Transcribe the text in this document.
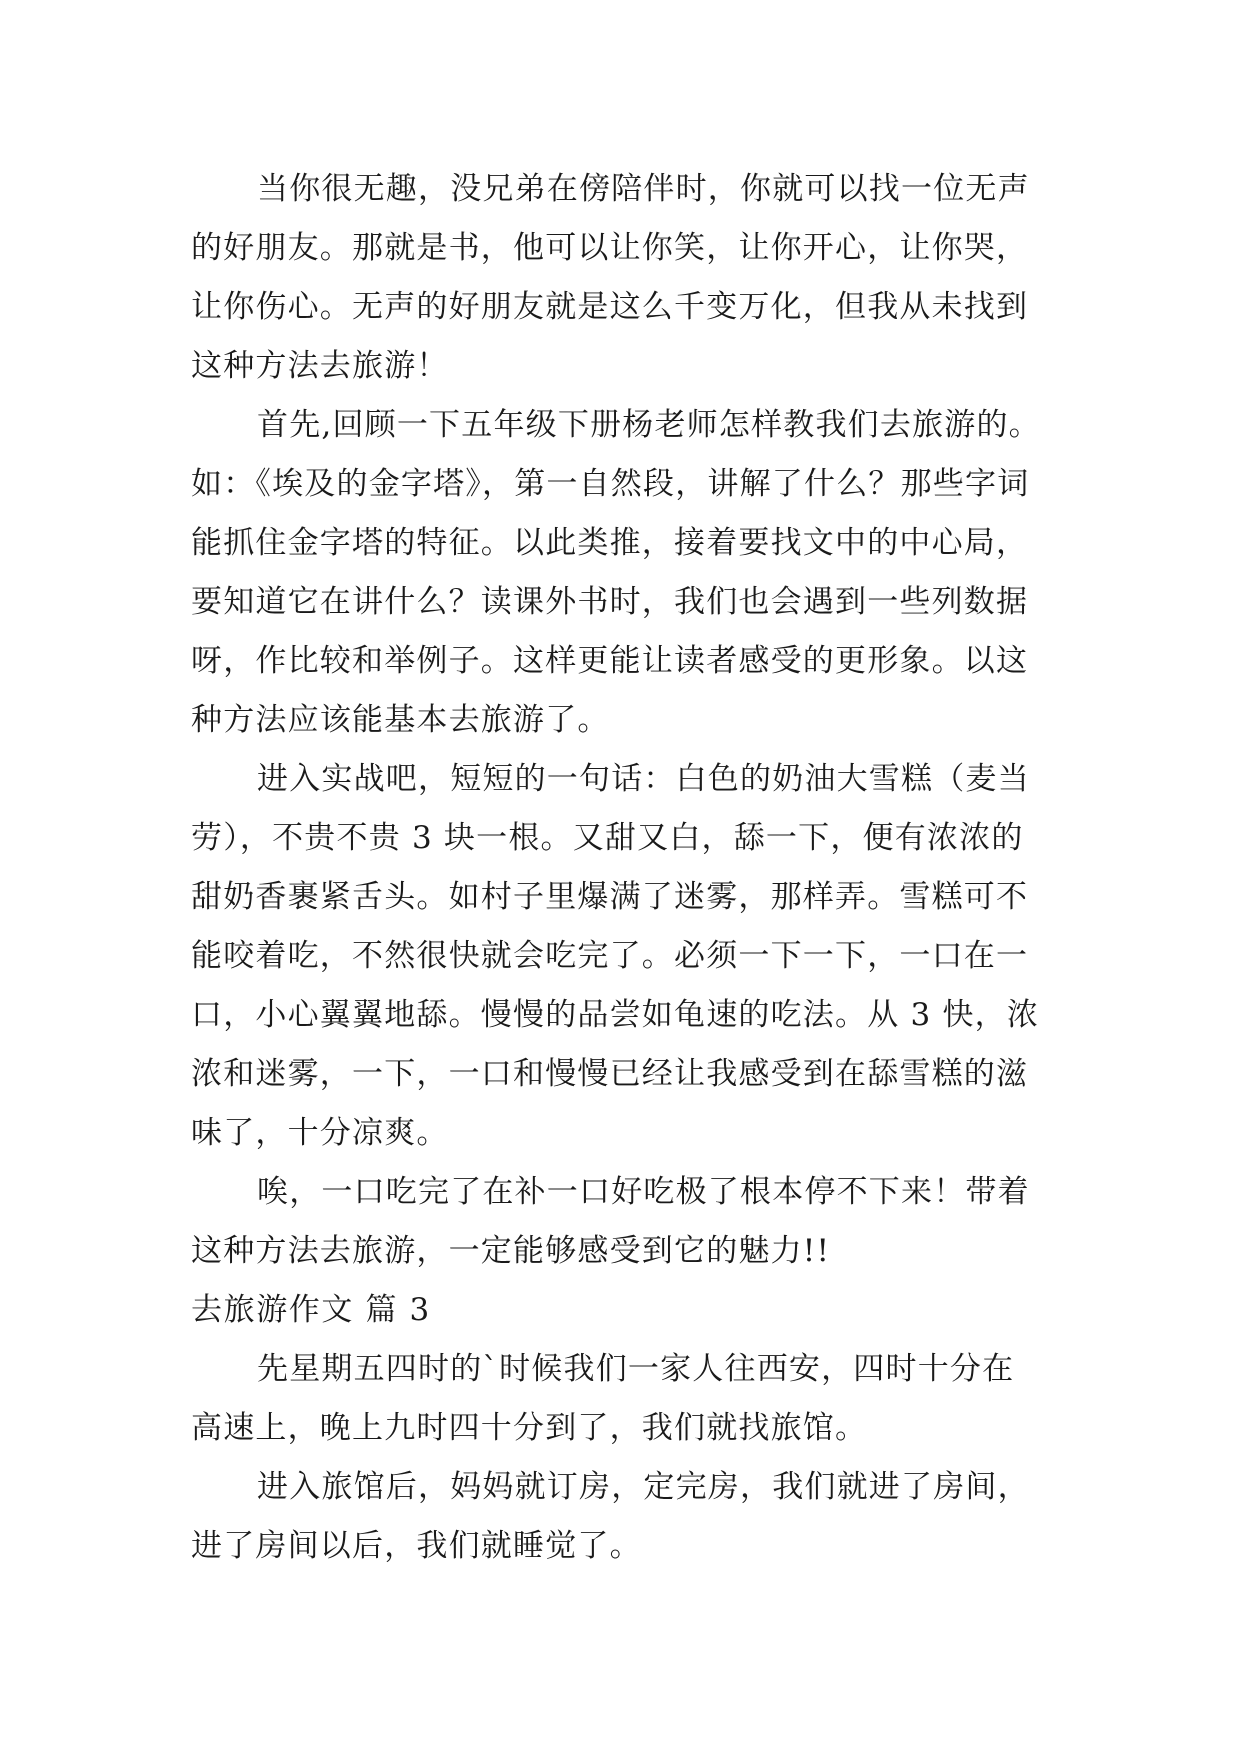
当你很无趣，没兄弟在傍陪伴时，你就可以找一位无声
的好朋友。那就是书，他可以让你笑，让你开心，让你哭，
让你伤心。无声的好朋友就是这么千变万化，但我从未找到
这种方法去旅游！
首先,回顾一下五年级下册杨老师怎样教我们去旅游的。
如：《埃及的金字塔》，第一自然段，讲解了什么？那些字词
能抓住金字塔的特征。以此类推，接着要找文中的中心局，
要知道它在讲什么？读课外书时，我们也会遇到一些列数据
呀，作比较和举例子。这样更能让读者感受的更形象。以这
种方法应该能基本去旅游了。
进入实战吧，短短的一句话：白色的奶油大雪糕（麦当
劳），不贵不贵 3 块一根。又甜又白，舔一下，便有浓浓的
甜奶香裹紧舌头。如村子里爆满了迷雾，那样弄。雪糕可不
能咬着吃，不然很快就会吃完了。必须一下一下，一口在一
口，小心翼翼地舔。慢慢的品尝如龟速的吃法。从 3 快，浓
浓和迷雾，一下，一口和慢慢已经让我感受到在舔雪糕的滋
味了，十分凉爽。
唉，一口吃完了在补一口好吃极了根本停不下来！带着
这种方法去旅游，一定能够感受到它的魅力!!
去旅游作文 篇 3
先星期五四时的`时候我们一家人往西安，四时十分在
高速上，晚上九时四十分到了，我们就找旅馆。
进入旅馆后，妈妈就订房，定完房，我们就进了房间，
进了房间以后，我们就睡觉了。
